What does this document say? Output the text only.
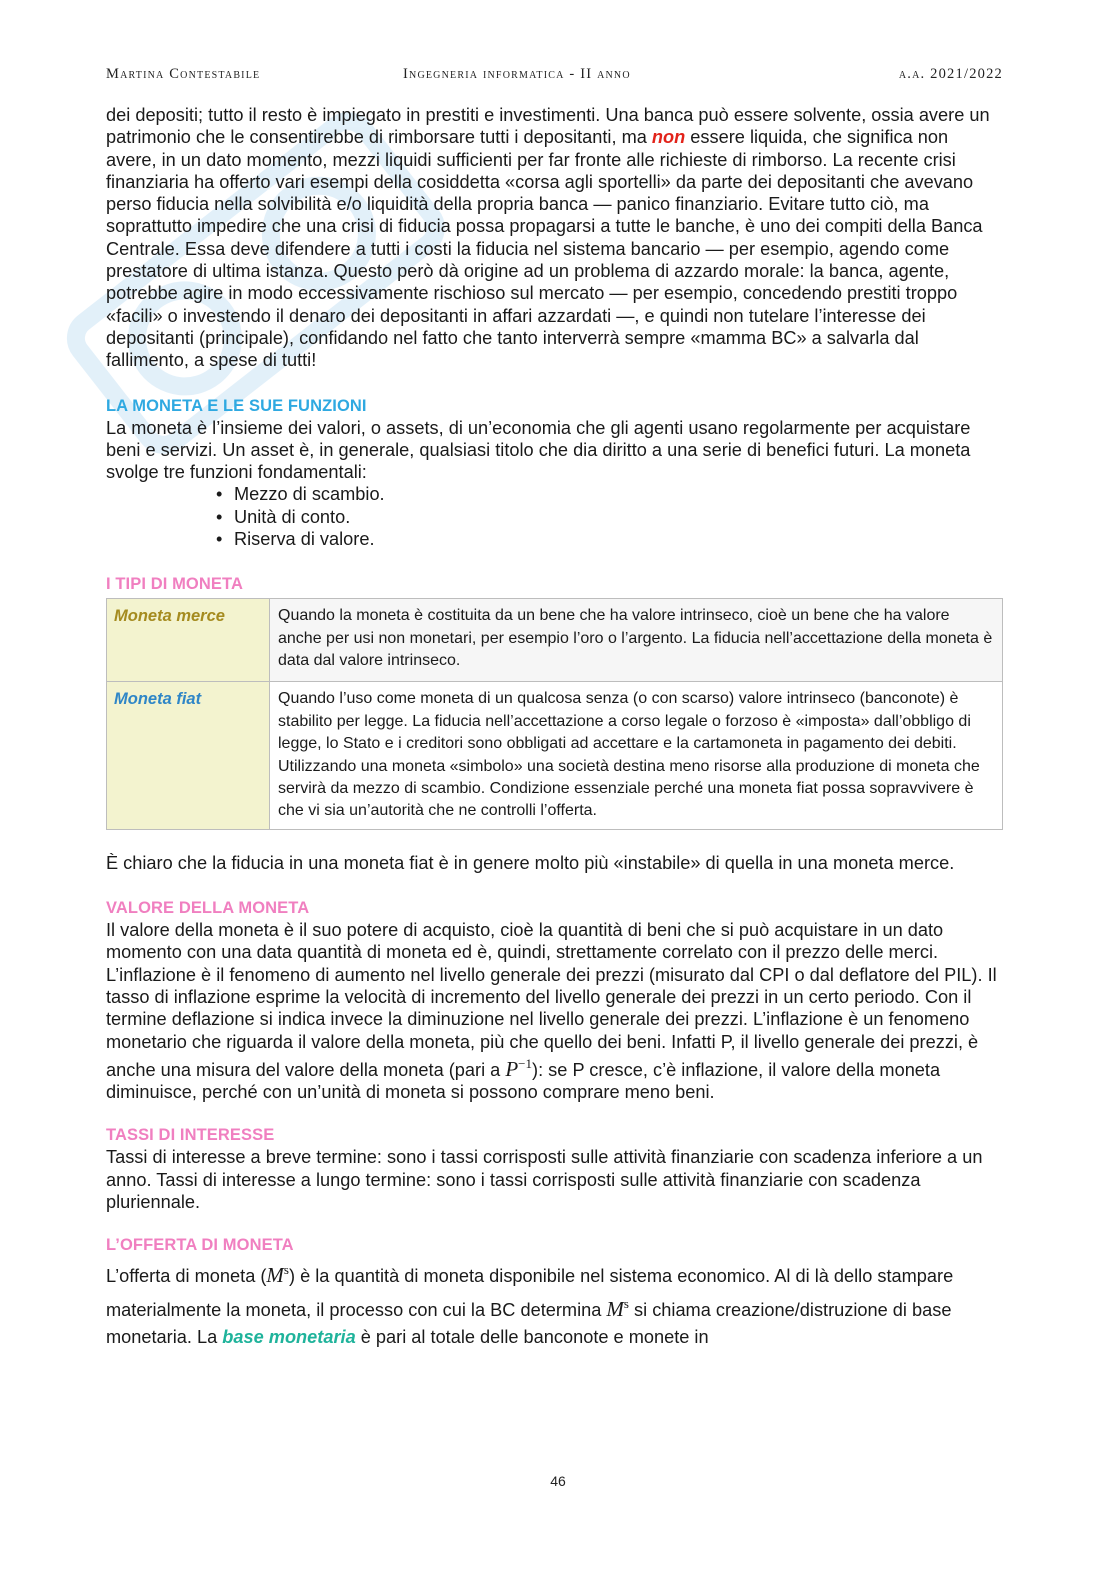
Martina Contestabile	Ingegneria informatica - II anno	a.a. 2021/2022

dei depositi; tutto il resto è impiegato in prestiti e investimenti. Una banca può essere solvente, ossia avere un patrimonio che le consentirebbe di rimborsare tutti i depositanti, ma non essere liquida, che significa non avere, in un dato momento, mezzi liquidi sufficienti per far fronte alle richieste di rimborso. La recente crisi finanziaria ha offerto vari esempi della cosiddetta «corsa agli sportelli» da parte dei depositanti che avevano perso fiducia nella solvibilità e/o liquidità della propria banca — panico finanziario. Evitare tutto ciò, ma soprattutto impedire che una crisi di fiducia possa propagarsi a tutte le banche, è uno dei compiti della Banca Centrale. Essa deve difendere a tutti i costi la fiducia nel sistema bancario — per esempio, agendo come prestatore di ultima istanza. Questo però dà origine ad un problema di azzardo morale: la banca, agente, potrebbe agire in modo eccessivamente rischioso sul mercato — per esempio, concedendo prestiti troppo «facili» o investendo il denaro dei depositanti in affari azzardati —, e quindi non tutelare l’interesse dei depositanti (principale), confidando nel fatto che tanto interverrà sempre «mamma BC» a salvarla dal fallimento, a spese di tutti!

LA MONETA E LE SUE FUNZIONI

La moneta è l’insieme dei valori, o assets, di un’economia che gli agenti usano regolarmente per acquistare beni e servizi. Un asset è, in generale, qualsiasi titolo che dia diritto a una serie di benefici futuri. La moneta svolge tre funzioni fondamentali:

• Mezzo di scambio.
• Unità di conto.
• Riserva di valore.
I TIPI DI MONETA
Moneta merce	Quando la moneta è costituita da un bene che ha valore intrinseco, cioè un bene che ha valore anche per usi non monetari, per esempio l’oro o l’argento. La fiducia nell’accettazione della moneta è data dal valore intrinseco.
Moneta fiat	Quando l’uso come moneta di un qualcosa senza (o con scarso) valore intrinseco (banconote) è stabilito per legge. La fiducia nell’accettazione a corso legale o forzoso è «imposta» dall’obbligo di legge, lo Stato e i creditori sono obbligati ad accettare e la cartamoneta in pagamento dei debiti. Utilizzando una moneta «simbolo» una società destina meno risorse alla produzione di moneta che servirà da mezzo di scambio. Condizione essenziale perché una moneta fiat possa sopravvivere è che vi sia un’autorità che ne controlli l’offerta.

È chiaro che la fiducia in una moneta fiat è in genere molto più «instabile» di quella in una moneta merce.

VALORE DELLA MONETA

Il valore della moneta è il suo potere di acquisto, cioè la quantità di beni che si può acquistare in un dato momento con una data quantità di moneta ed è, quindi, strettamente correlato con il prezzo delle merci. L’inflazione è il fenomeno di aumento nel livello generale dei prezzi (misurato dal CPI o dal deflatore del PIL). Il tasso di inflazione esprime la velocità di incremento del livello generale dei prezzi in un certo periodo. Con il termine deflazione si indica invece la diminuzione nel livello generale dei prezzi. L’inflazione è un fenomeno monetario che riguarda il valore della moneta, più che quello dei beni. Infatti P, il livello generale dei prezzi, è anche una misura del valore della moneta (pari a $P^{-1}$): se P cresce, c’è inflazione, il valore della moneta diminuisce, perché con un’unità di moneta si possono comprare meno beni.

TASSI DI INTERESSE

Tassi di interesse a breve termine: sono i tassi corrisposti sulle attività finanziarie con scadenza inferiore a un anno. Tassi di interesse a lungo termine: sono i tassi corrisposti sulle attività finanziarie con scadenza pluriennale.

L’OFFERTA DI MONETA

L’offerta di moneta $(M^s)$ è la quantità di moneta disponibile nel sistema economico. Al di là dello stampare materialmente la moneta, il processo con cui la BC determina $M^s$ si chiama creazione/distruzione di base monetaria. La base monetaria è pari al totale delle banconote e monete in

46
